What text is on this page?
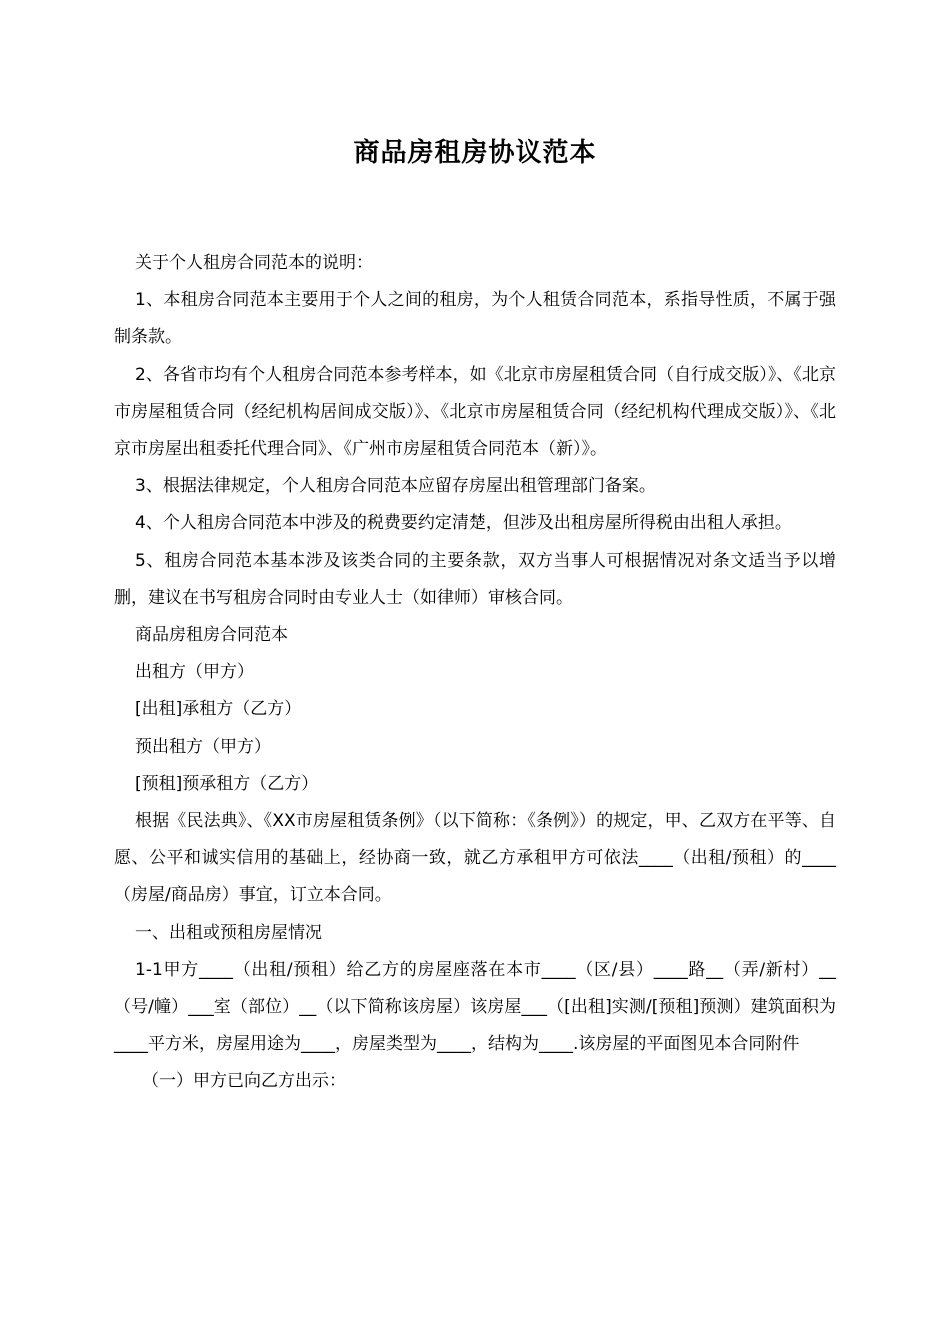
商品房租房协议范本

关于个人租房合同范本的说明：

1、本租房合同范本主要用于个人之间的租房，为个人租赁合同范本，系指导性质，不属于强制条款。

2、各省市均有个人租房合同范本参考样本，如《北京市房屋租赁合同（自行成交版）》、《北京市房屋租赁合同（经纪机构居间成交版）》、《北京市房屋租赁合同（经纪机构代理成交版）》、《北京市房屋出租委托代理合同》、《广州市房屋租赁合同范本（新）》。

3、根据法律规定，个人租房合同范本应留存房屋出租管理部门备案。

4、个人租房合同范本中涉及的税费要约定清楚，但涉及出租房屋所得税由出租人承担。

5、租房合同范本基本涉及该类合同的主要条款，双方当事人可根据情况对条文适当予以增删，建议在书写租房合同时由专业人士（如律师）审核合同。

商品房租房合同范本

出租方（甲方）

[出租]承租方（乙方）

预出租方（甲方）

[预租]预承租方（乙方）

根据《民法典》、《XX市房屋租赁条例》（以下简称：《条例》）的规定，甲、乙双方在平等、自愿、公平和诚实信用的基础上，经协商一致，就乙方承租甲方可依法____（出租/预租）的____（房屋/商品房）事宜，订立本合同。

一、出租或预租房屋情况

1-1甲方____（出租/预租）给乙方的房屋座落在本市____（区/县）____路__（弄/新村）__（号/幢）___室（部位）__（以下简称该房屋）该房屋___（[出租]实测/[预租]预测）建筑面积为____平方米，房屋用途为____，房屋类型为____，结构为____.该房屋的平面图见本合同附件

（一）甲方已向乙方出示：
